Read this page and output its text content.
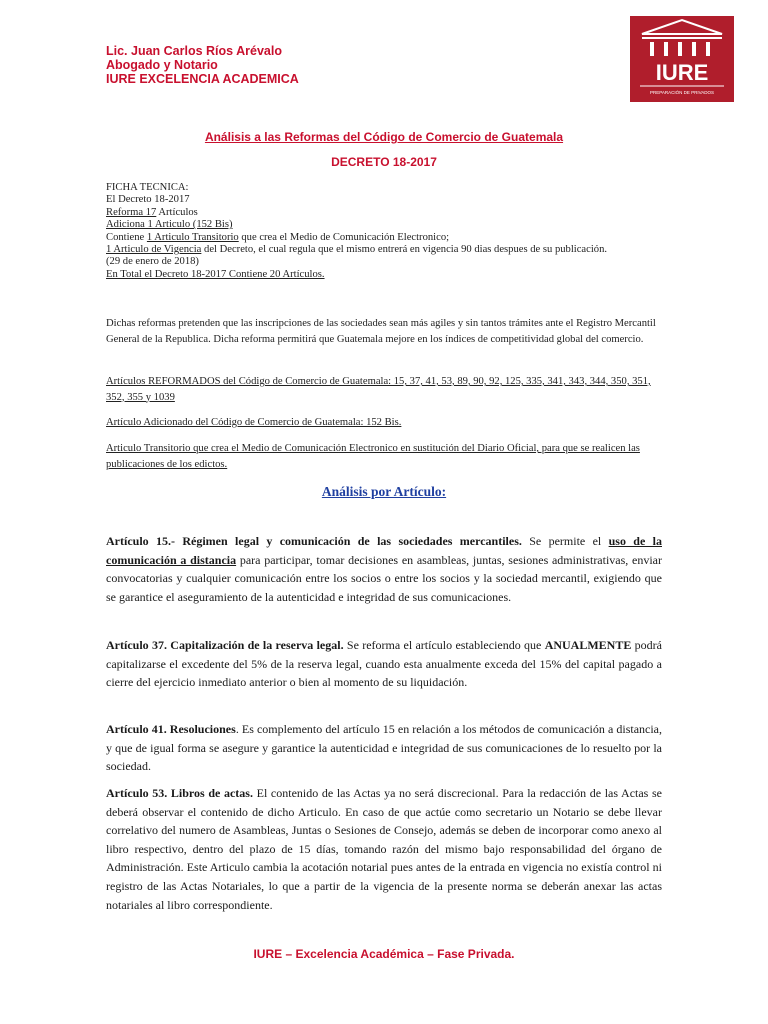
Lic. Juan Carlos Ríos Arévalo
Abogado y Notario
IURE EXCELENCIA ACADEMICA	IURE
PREPARACIÓN DE PRIVADOS
Análisis a las Reformas del Código de Comercio de Guatemala
DECRETO 18-2017
FICHA TECNICA:
El Decreto 18-2017
Reforma 17 Artículos
Adiciona 1 Articulo (152 Bis)
Contiene 1 Articulo Transitorio que crea el Medio de Comunicación Electronico;
1 Articulo de Vigencia del Decreto, el cual regula que el mismo entrerá en vigencia 90 dias despues de su publicación.
(29 de enero de 2018)
En Total el Decreto 18-2017 Contiene 20 Artículos.
Dichas reformas pretenden que las inscripciones de las sociedades sean más agiles y sin tantos trámites ante el Registro Mercantil General de la Republica. Dicha reforma permitirá que Guatemala mejore en los índices de competitividad global del comercio.
Artículos REFORMADOS del Código de Comercio de Guatemala: 15, 37, 41, 53, 89, 90, 92, 125, 335, 341, 343, 344, 350, 351, 352, 355 y 1039
Artículo Adicionado del Código de Comercio de Guatemala: 152 Bis.
Articulo Transitorio que crea el Medio de Comunicación Electronico en sustitución del Diario Oficial, para que se realicen las publicaciones de los edictos.
Análisis por Artículo:
Artículo 15.- Régimen legal y comunicación de las sociedades mercantiles. Se permite el uso de la comunicación a distancia para participar, tomar decisiones en asambleas, juntas, sesiones administrativas, enviar convocatorias y cualquier comunicación entre los socios o entre los socios y la sociedad mercantil, exigiendo que se garantice el aseguramiento de la autenticidad e integridad de sus comunicaciones.
Artículo 37. Capitalización de la reserva legal. Se reforma el artículo estableciendo que ANUALMENTE podrá capitalizarse el excedente del 5% de la reserva legal, cuando esta anualmente exceda del 15% del capital pagado a cierre del ejercicio inmediato anterior o bien al momento de su liquidación.
Artículo 41. Resoluciones. Es complemento del artículo 15 en relación a los métodos de comunicación a distancia, y que de igual forma se asegure y garantice la autenticidad e integridad de sus comunicaciones de lo resuelto por la sociedad.
Artículo 53. Libros de actas. El contenido de las Actas ya no será discrecional. Para la redacción de las Actas se deberá observar el contenido de dicho Articulo. En caso de que actúe como secretario un Notario se debe llevar correlativo del numero de Asambleas, Juntas o Sesiones de Consejo, además se deben de incorporar como anexo al libro respectivo, dentro del plazo de 15 días, tomando razón del mismo bajo responsabilidad del órgano de Administración. Este Articulo cambia la acotación notarial pues antes de la entrada en vigencia no existía control ni registro de las Actas Notariales, lo que a partir de la vigencia de la presente norma se deberán anexar las actas notariales al libro correspondiente.
IURE – Excelencia Académica – Fase Privada.
